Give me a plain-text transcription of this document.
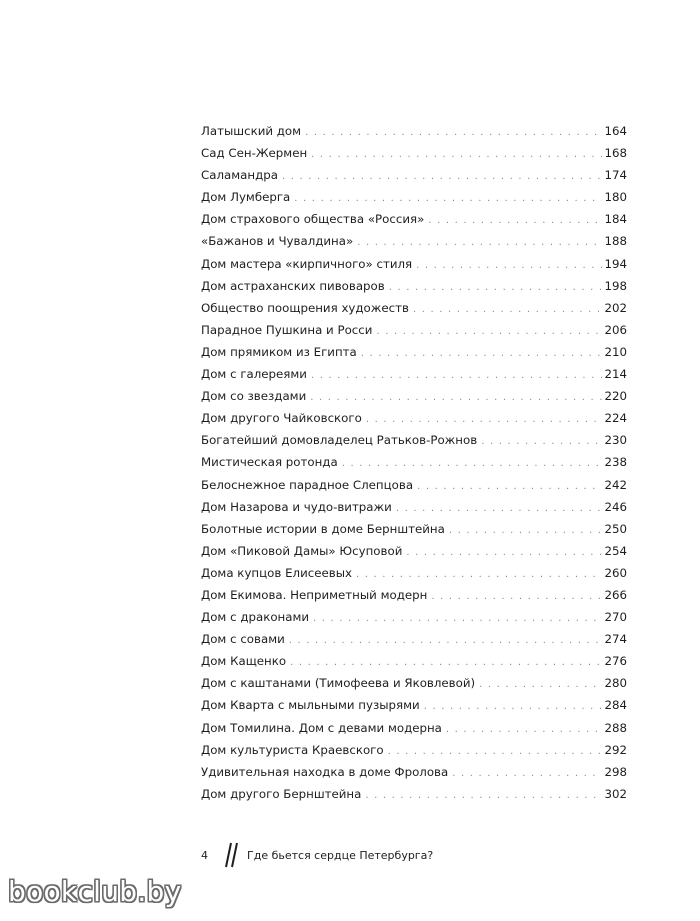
Латышский дом . . .	164
Сад Сен-Жермен . . .	168
Саламандра . . .	174
Дом Лумберга . . .	180
Дом страхового общества «Россия» . . .	184
«Бажанов и Чувалдина» . . .	188
Дом мастера «кирпичного» стиля . . .	194
Дом астраханских пивоваров . . .	198
Общество поощрения художеств . . .	202
Парадное Пушкина и Росси . . .	206
Дом прямиком из Египта . . .	210
Дом с галереями . . .	214
Дом со звездами . . .	220
Дом другого Чайковского . . .	224
Богатейший домовладелец Ратьков-Рожнов . . .	230
Мистическая ротонда . . .	238
Белоснежное парадное Слепцова . . .	242
Дом Назарова и чудо-витражи . . .	246
Болотные истории в доме Бернштейна . . .	250
Дом «Пиковой Дамы» Юсуповой . . .	254
Дома купцов Елисеевых . . .	260
Дом Екимова. Неприметный модерн . . .	266
Дом с драконами . . .	270
Дом с совами . . .	274
Дом Кащенко . . .	276
Дом с каштанами (Тимофеева и Яковлевой) . . .	280
Дом Кварта с мыльными пузырями . . .	284
Дом Томилина. Дом с девами модерна . . .	288
Дом культуриста Краевского . . .	292
Удивительная находка в доме Фролова . . .	298
Дом другого Бернштейна . . .	302
4	Где бьется сердце Петербурга?
bookclub.by
